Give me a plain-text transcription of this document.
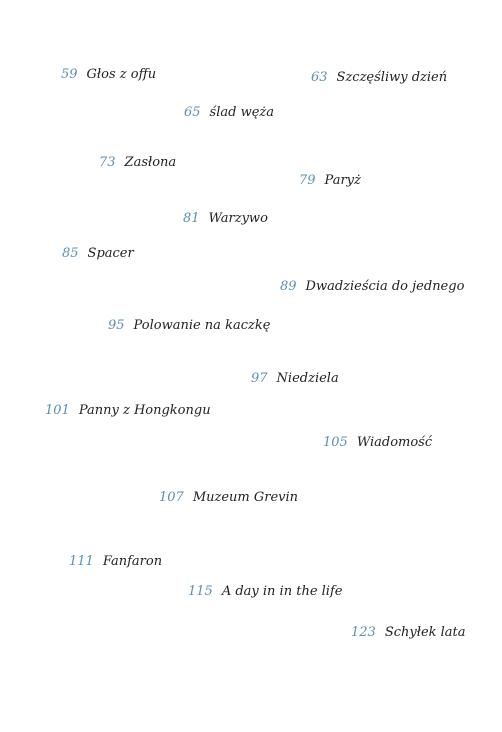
59 Głos z offu	63 Szczęśliwy dzień
65 ślad węża
73 Zasłona
79 Paryż
81 Warzywo
85 Spacer
89 Dwadzieścia do jednego
95 Polowanie na kaczkę
97 Niedziela
101 Panny z Hongkongu
105 Wiadomość
107 Muzeum Grevin
111 Fanfaron
115 A day in in the life
123 Schyłek lata
